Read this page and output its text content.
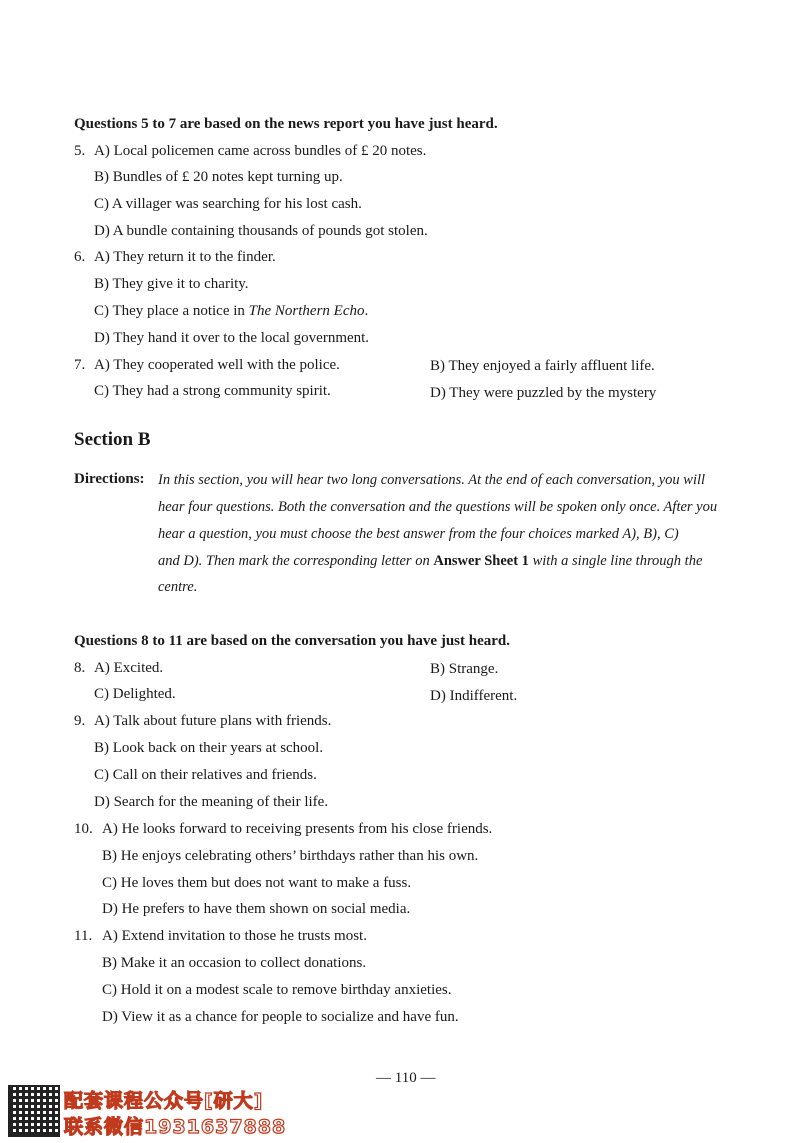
Questions 5 to 7 are based on the news report you have just heard.
5. A) Local policemen came across bundles of £ 20 notes.
B) Bundles of £ 20 notes kept turning up.
C) A villager was searching for his lost cash.
D) A bundle containing thousands of pounds got stolen.
6. A) They return it to the finder.
B) They give it to charity.
C) They place a notice in The Northern Echo.
D) They hand it over to the local government.
7. A) They cooperated well with the police.	B) They enjoyed a fairly affluent life.
C) They had a strong community spirit.	D) They were puzzled by the mystery
Section B
Directions: In this section, you will hear two long conversations. At the end of each conversation, you will
hear four questions. Both the conversation and the questions will be spoken only once. After you
hear a question, you must choose the best answer from the four choices marked A), B), C)
and D). Then mark the corresponding letter on Answer Sheet 1 with a single line through the
centre.
Questions 8 to 11 are based on the conversation you have just heard.
8. A) Excited.	B) Strange.
C) Delighted.	D) Indifferent.
9. A) Talk about future plans with friends.
B) Look back on their years at school.
C) Call on their relatives and friends.
D) Search for the meaning of their life.
10. A) He looks forward to receiving presents from his close friends.
B) He enjoys celebrating others’ birthdays rather than his own.
C) He loves them but does not want to make a fuss.
D) He prefers to have them shown on social media.
11. A) Extend invitation to those he trusts most.
B) Make it an occasion to collect donations.
C) Hold it on a modest scale to remove birthday anxieties.
D) View it as a chance for people to socialize and have fun.
— 110 —
配套课程公众号[研大]
联系微信1931637888
